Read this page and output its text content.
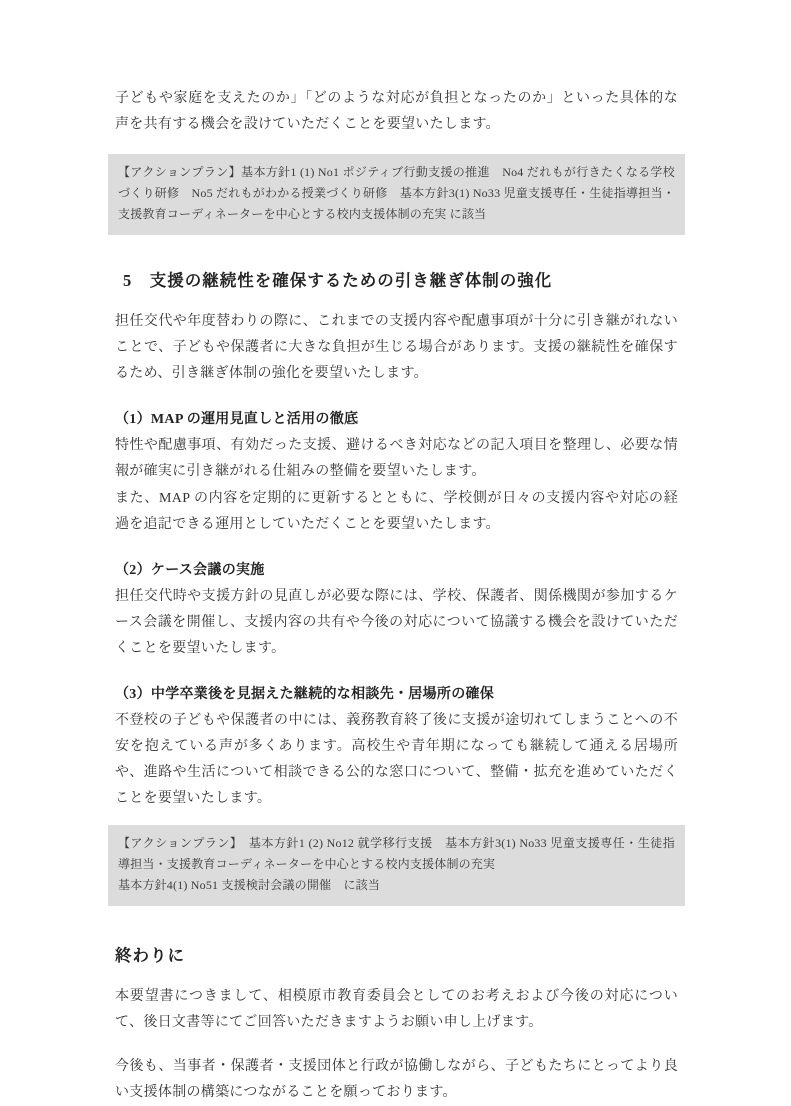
子どもや家庭を支えたのか」「どのような対応が負担となったのか」といった具体的な声を共有する機会を設けていただくことを要望いたします。

【アクションプラン】基本方針1 (1) No1 ポジティブ行動支援の推進　No4 だれもが行きたくなる学校づくり研修　No5 だれもがわかる授業づくり研修　基本方針3(1) No33 児童支援専任・生徒指導担当・支援教育コーディネーターを中心とする校内支援体制の充実 に該当

5　支援の継続性を確保するための引き継ぎ体制の強化

担任交代や年度替わりの際に、これまでの支援内容や配慮事項が十分に引き継がれないことで、子どもや保護者に大きな負担が生じる場合があります。支援の継続性を確保するため、引き継ぎ体制の強化を要望いたします。

（1）MAP の運用見直しと活用の徹底

特性や配慮事項、有効だった支援、避けるべき対応などの記入項目を整理し、必要な情報が確実に引き継がれる仕組みの整備を要望いたします。

また、MAP の内容を定期的に更新するとともに、学校側が日々の支援内容や対応の経過を追記できる運用としていただくことを要望いたします。

（2）ケース会議の実施

担任交代時や支援方針の見直しが必要な際には、学校、保護者、関係機関が参加するケース会議を開催し、支援内容の共有や今後の対応について協議する機会を設けていただくことを要望いたします。

（3）中学卒業後を見据えた継続的な相談先・居場所の確保

不登校の子どもや保護者の中には、義務教育終了後に支援が途切れてしまうことへの不安を抱えている声が多くあります。高校生や青年期になっても継続して通える居場所や、進路や生活について相談できる公的な窓口について、整備・拡充を進めていただくことを要望いたします。

【アクションプラン】　基本方針1 (2) No12 就学移行支援　基本方針3(1) No33 児童支援専任・生徒指導担当・支援教育コーディネーターを中心とする校内支援体制の充実

基本方針4(1) No51 支援検討会議の開催　に該当

終わりに

本要望書につきまして、相模原市教育委員会としてのお考えおよび今後の対応について、後日文書等にてご回答いただきますようお願い申し上げます。

今後も、当事者・保護者・支援団体と行政が協働しながら、子どもたちにとってより良い支援体制の構築につながることを願っております。
